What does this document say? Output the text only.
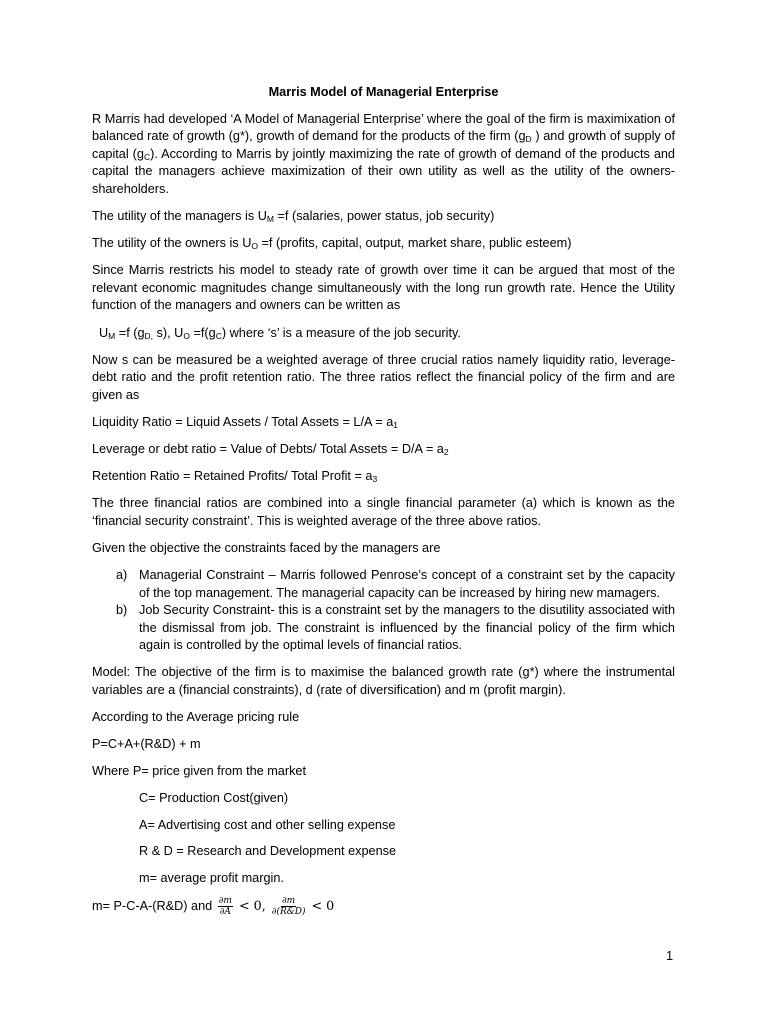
Marris Model of Managerial Enterprise

R Marris had developed ‘A Model of Managerial Enterprise’ where the goal of the firm is maximixation of balanced rate of growth (g*), growth of demand for the products of the firm ($g_D$ ) and growth of supply of capital $(g_C)$. According to Marris by jointly maximizing the rate of growth of demand of the products and capital the managers achieve maximization of their own utility as well as the utility of the owners-shareholders.

The utility of the managers is $U_M =f$ (salaries, power status, job security)

The utility of the owners is $U_O =f$ (profits, capital, output, market share, public esteem)

Since Marris restricts his model to steady rate of growth over time it can be argued that most of the relevant economic magnitudes change simultaneously with the long run growth rate. Hence the Utility function of the managers and owners can be written as

$U_M =f$ ($g_{D,}$ s), $U_O =f(g_C)$ where ‘s’ is a measure of the job security.

Now s can be measured be a weighted average of three crucial ratios namely liquidity ratio, leverage-debt ratio and the profit retention ratio. The three ratios reflect the financial policy of the firm and are given as

Liquidity Ratio = Liquid Assets / Total Assets = $L/A = a_1$

Leverage or debt ratio = Value of Debts/ Total Assets = $D/A = a_2$

Retention Ratio = Retained Profits/ Total Profit = $a_3$

The three financial ratios are combined into a single financial parameter (a) which is known as the ‘financial security constraint’. This is weighted average of the three above ratios.

Given the objective the constraints faced by the managers are

a) Managerial Constraint – Marris followed Penrose’s concept of a constraint set by the capacity of the top management. The managerial capacity can be increased by hiring new mamagers.
b) Job Security Constraint- this is a constraint set by the managers to the disutility associated with the dismissal from job. The constraint is influenced by the financial policy of the firm which again is controlled by the optimal levels of financial ratios.

Model: The objective of the firm is to maximise the balanced growth rate (g*) where the instrumental variables are a (financial constraints), d (rate of diversification) and m (profit margin).

According to the Average pricing rule

P=C+A+(R&D) + m

Where P= price given from the market

C= Production Cost(given)

A= Advertising cost and other selling expense

R & D = Research and Development expense

m= average profit margin.

m= P-C-A-(R&D) and $\frac{\partial m}{\partial A} < 0$, $\frac{\partial m}{\partial(R\&D)} < 0$

1
